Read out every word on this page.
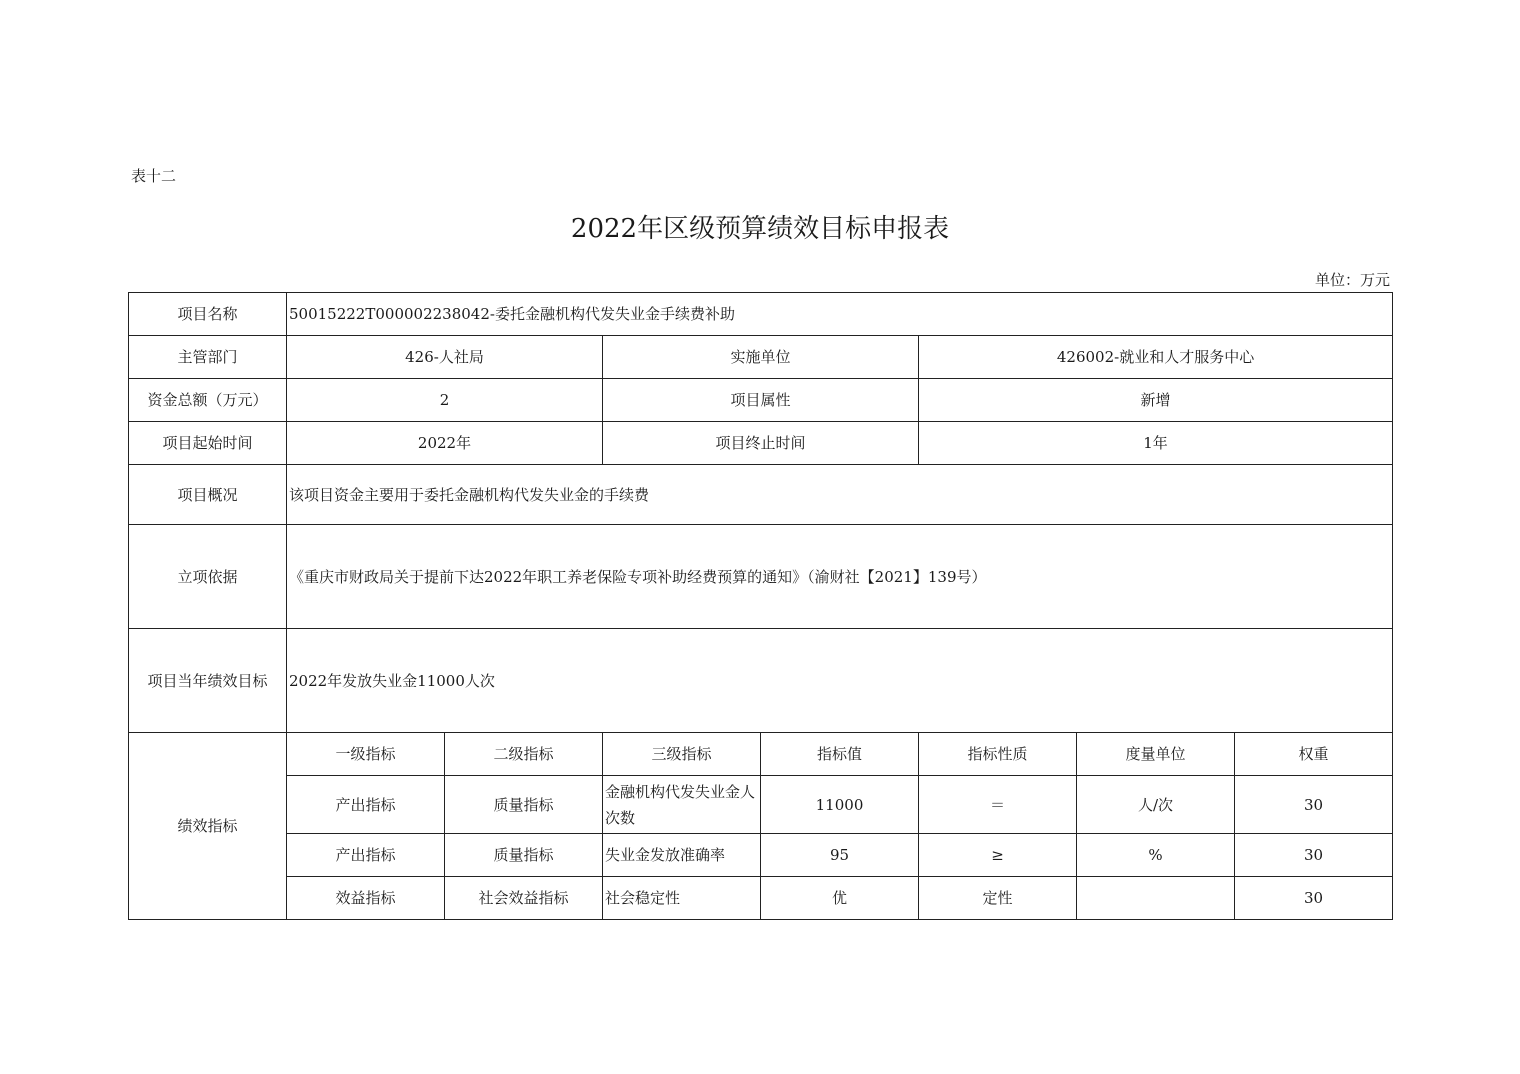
表十二
2022年区级预算绩效目标申报表
单位：万元
项目名称	50015222T000002238042-委托金融机构代发失业金手续费补助						
主管部门	426-人社局		实施单位		426002-就业和人才服务中心		
资金总额（万元）	2		项目属性		新增		
项目起始时间	2022年		项目终止时间		1年		
项目概况	该项目资金主要用于委托金融机构代发失业金的手续费						
立项依据	《重庆市财政局关于提前下达2022年职工养老保险专项补助经费预算的通知》（渝财社【2021】139号）						
项目当年绩效目标	2022年发放失业金11000人次						
绩效指标	一级指标	二级指标	三级指标	指标值	指标性质	度量单位	权重
	产出指标	质量指标	金融机构代发失业金人次数	11000	＝	人/次	30
	产出指标	质量指标	失业金发放准确率	95	≥	%	30
	效益指标	社会效益指标	社会稳定性	优	定性		30
